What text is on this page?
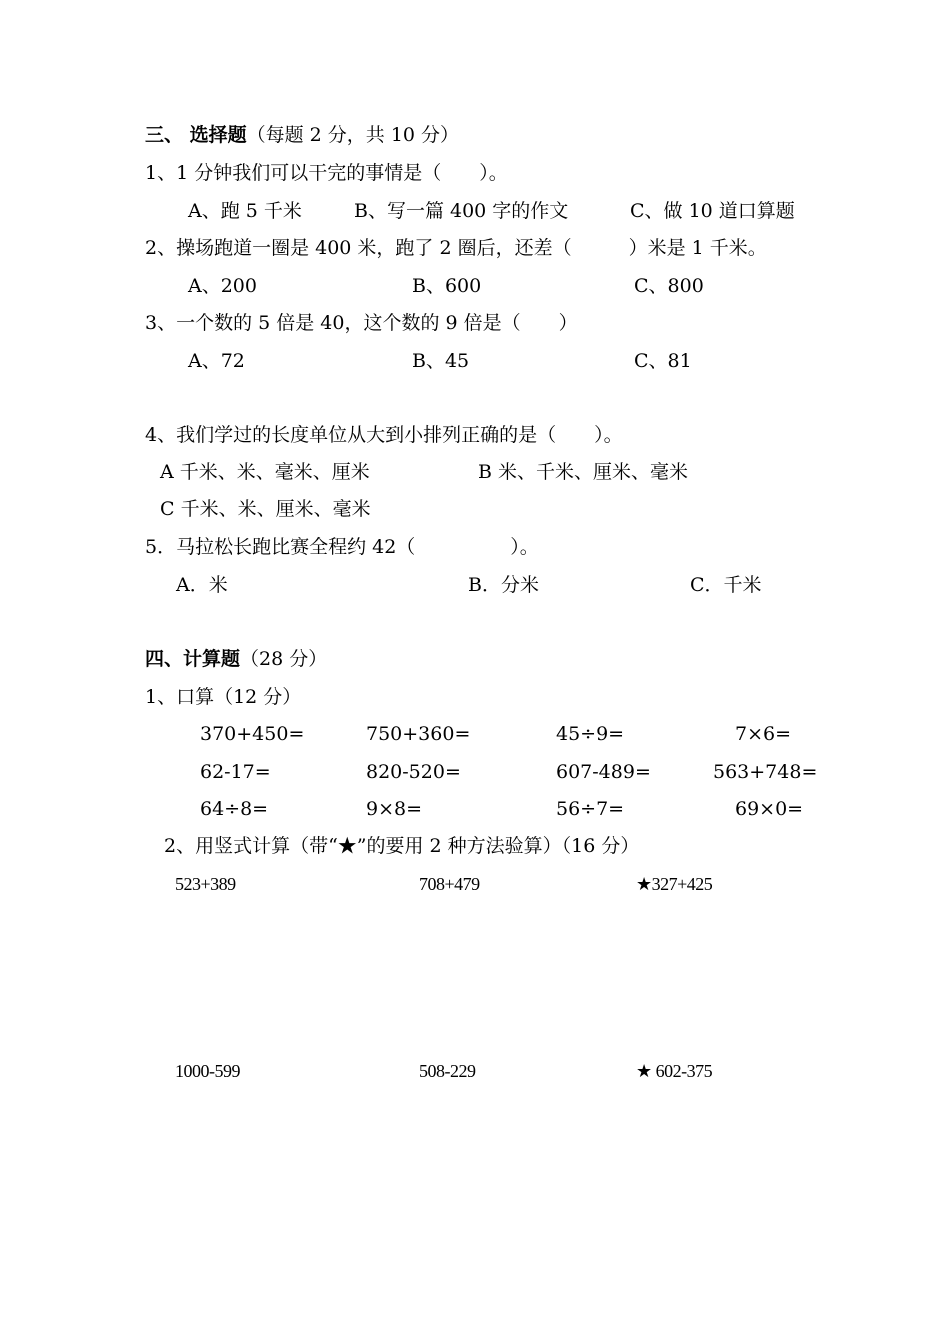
三、 选择题（每题 2 分，共 10 分）
1、1 分钟我们可以干完的事情是（　　）。
A、跑 5 千米	B、写一篇 400 字的作文	C、做 10 道口算题
2、操场跑道一圈是 400 米，跑了 2 圈后，还差（　　　）米是 1 千米。
A、200	B、600	C、800
3、一个数的 5 倍是 40，这个数的 9 倍是（　　）
A、72	B、45	C、81
4、我们学过的长度单位从大到小排列正确的是（　　）。
A 千米、米、毫米、厘米	B 米、千米、厘米、毫米
C 千米、米、厘米、毫米
5．马拉松长跑比赛全程约 42（　　　　　）。
A．米	B．分米	C．千米
四、计算题（28 分）
1、口算（12 分）
370+450=	750+360=	45÷9=	7×6=
62-17=	820-520=	607-489=	563+748=
64÷8=	9×8=	56÷7=	69×0=
2、用竖式计算（带“★”的要用 2 种方法验算）（16 分）
523+389	708+479 ★	327+425
1000-599	508-229 ★	602-375
